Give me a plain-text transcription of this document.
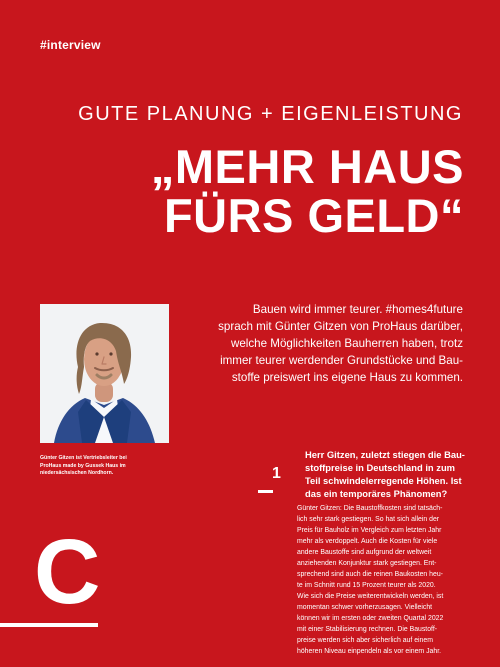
#interview
GUTE PLANUNG + EIGENLEISTUNG
„MEHR HAUS
FÜRS GELD“
Bauen wird immer teurer. #homes4future
sprach mit Günter Gitzen von ProHaus darüber,
welche Möglichkeiten Bauherren haben, trotz
immer teurer werdender Grundstücke und Bau-
stoffe preiswert ins eigene Haus zu kommen.
Günter Gitzen ist Vertriebsleiter bei
ProHaus made by Gussek Haus im
niedersächsischen Nordhorn.
C
1
Herr Gitzen, zuletzt stiegen die Bau-
stoffpreise in Deutschland in zum
Teil schwindelerregende Höhen. Ist
das ein temporäres Phänomen?
Günter Gitzen: Die Baustoffkosten sind tatsäch-
lich sehr stark gestiegen. So hat sich allein der
Preis für Bauholz im Vergleich zum letzten Jahr
mehr als verdoppelt. Auch die Kosten für viele
andere Baustoffe sind aufgrund der weltweit
anziehenden Konjunktur stark gestiegen. Ent-
sprechend sind auch die reinen Baukosten heu-
te im Schnitt rund 15 Prozent teurer als 2020.
Wie sich die Preise weiterentwickeln werden, ist
momentan schwer vorherzusagen. Vielleicht
können wir im ersten oder zweiten Quartal 2022
mit einer Stabilisierung rechnen. Die Baustoff-
preise werden sich aber sicherlich auf einem
höheren Niveau einpendeln als vor einem Jahr.
